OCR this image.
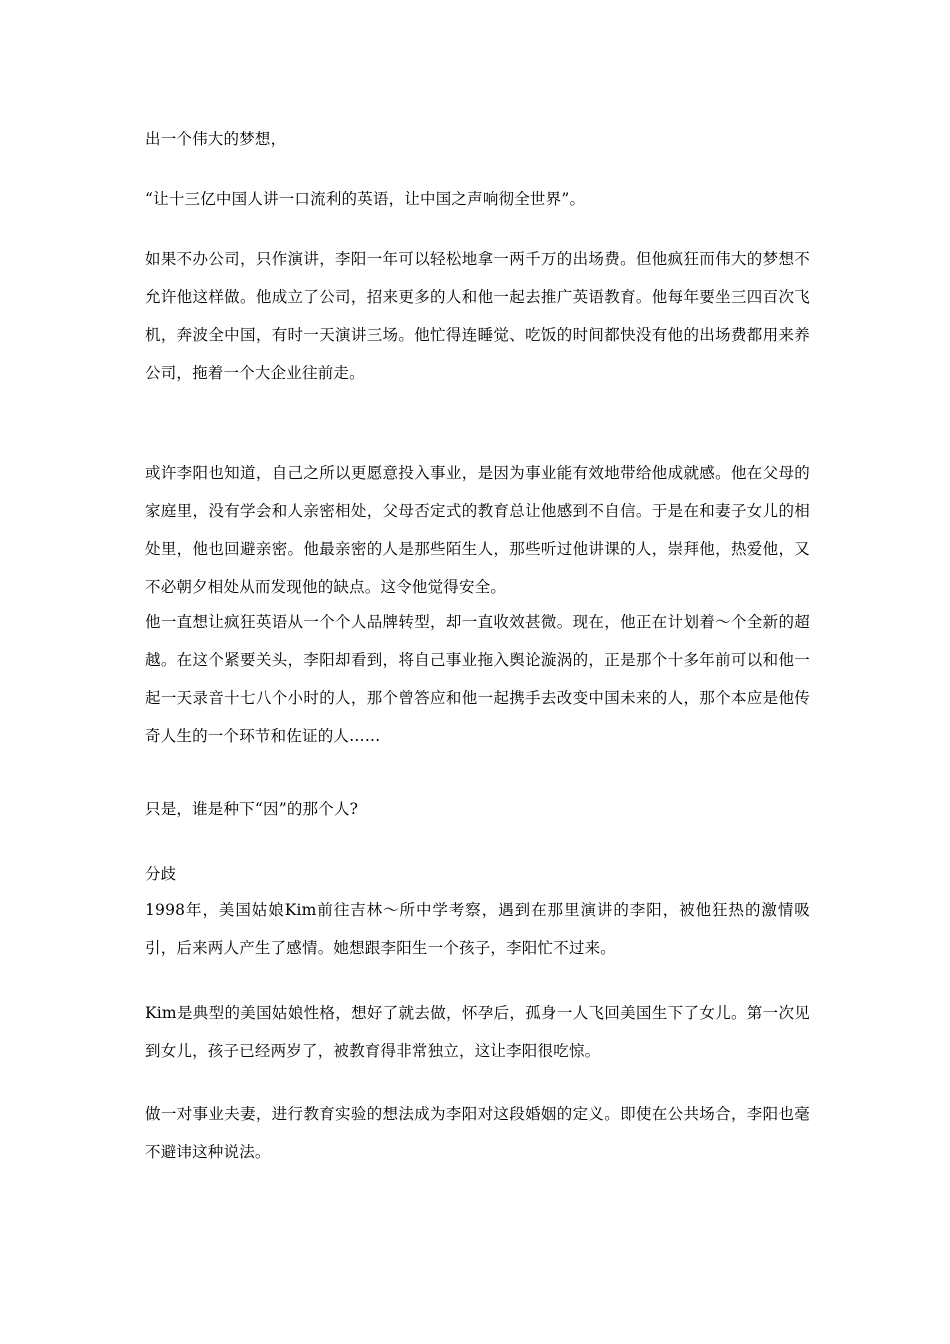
出一个伟大的梦想，

“让十三亿中国人讲一口流利的英语，让中国之声响彻全世界”。

如果不办公司，只作演讲，李阳一年可以轻松地拿一两千万的出场费。但他疯狂而伟大的梦想不允许他这样做。他成立了公司，招来更多的人和他一起去推广英语教育。他每年要坐三四百次飞机，奔波全中国，有时一天演讲三场。他忙得连睡觉、吃饭的时间都快没有他的出场费都用来养公司，拖着一个大企业往前走。

或许李阳也知道，自己之所以更愿意投入事业，是因为事业能有效地带给他成就感。他在父母的家庭里，没有学会和人亲密相处，父母否定式的教育总让他感到不自信。于是在和妻子女儿的相处里，他也回避亲密。他最亲密的人是那些陌生人，那些听过他讲课的人，崇拜他，热爱他，又不必朝夕相处从而发现他的缺点。这令他觉得安全。

他一直想让疯狂英语从一个个人品牌转型，却一直收效甚微。现在，他正在计划着～个全新的超越。在这个紧要关头，李阳却看到，将自己事业拖入舆论漩涡的，正是那个十多年前可以和他一起一天录音十七八个小时的人，那个曾答应和他一起携手去改变中国未来的人，那个本应是他传奇人生的一个环节和佐证的人……

只是，谁是种下“因”的那个人?

分歧

1998年，美国姑娘Kim前往吉林～所中学考察，遇到在那里演讲的李阳，被他狂热的激情吸引，后来两人产生了感情。她想跟李阳生一个孩子，李阳忙不过来。

Kim是典型的美国姑娘性格，想好了就去做，怀孕后，孤身一人飞回美国生下了女儿。第一次见到女儿，孩子已经两岁了，被教育得非常独立，这让李阳很吃惊。

做一对事业夫妻，进行教育实验的想法成为李阳对这段婚姻的定义。即使在公共场合，李阳也毫不避讳这种说法。
